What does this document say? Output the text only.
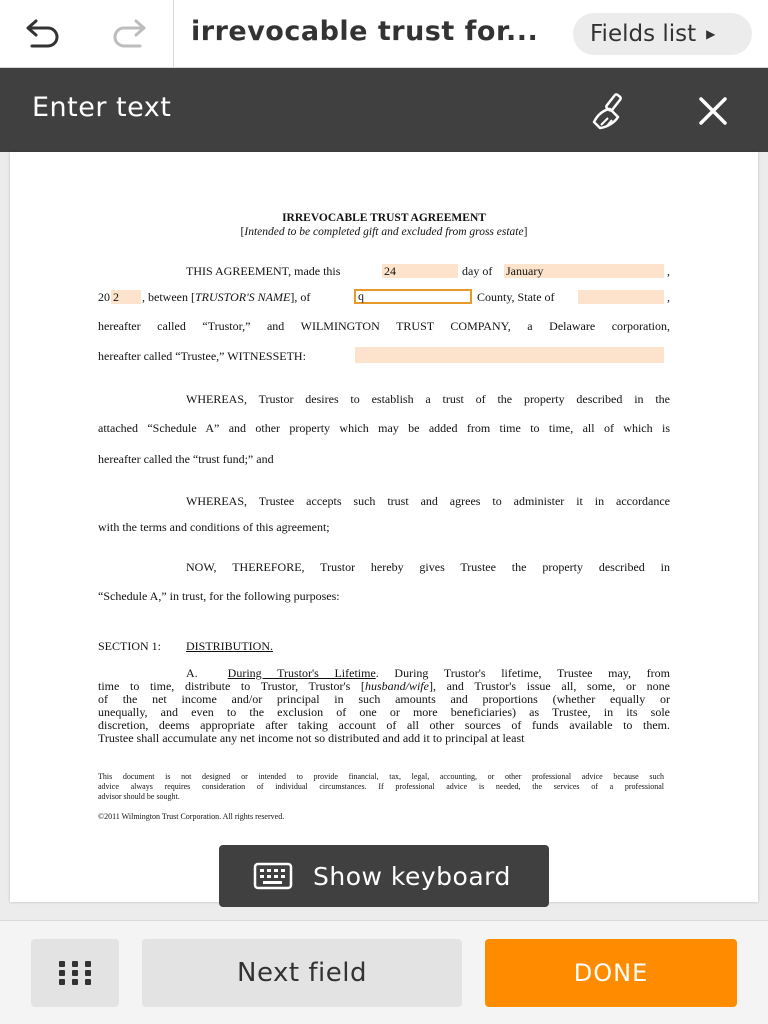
irrevocable trust for...	Fields list ▶
Enter text
IRREVOCABLE TRUST AGREEMENT
[Intended to be completed gift and excluded from gross estate]
THIS AGREEMENT, made this	24	day of January	,
20 2	, between [TRUSTOR'S NAME], of	q	County, State of	,
hereafter called “Trustor,” and WILMINGTON TRUST COMPANY, a Delaware corporation,
hereafter called “Trustee,” WITNESSETH:
WHEREAS, Trustor desires to establish a trust of the property described in the
attached “Schedule A” and other property which may be added from time to time, all of which is
hereafter called the “trust fund;” and
WHEREAS, Trustee accepts such trust and agrees to administer it in accordance
with the terms and conditions of this agreement;
NOW, THEREFORE, Trustor hereby gives Trustee the property described in
“Schedule A,” in trust, for the following purposes:
SECTION 1: DISTRIBUTION.
A.	During Trustor's Lifetime. During Trustor's lifetime, Trustee may, from
time to time, distribute to Trustor, Trustor's [husband/wife], and Trustor's issue all, some, or none
of the net income and/or principal in such amounts and proportions (whether equally or
unequally, and even to the exclusion of one or more beneficiaries) as Trustee, in its sole
discretion, deems appropriate after taking account of all other sources of funds available to them.
Trustee shall accumulate any net income not so distributed and add it to principal at least
This document is not designed or intended to provide financial, tax, legal, accounting, or other professional advice because such
advice always requires consideration of individual circumstances. If professional advice is needed, the services of a professional
advisor should be sought.
©2011 Wilmington Trust Corporation. All rights reserved.
Show keyboard
Next field	DONE
